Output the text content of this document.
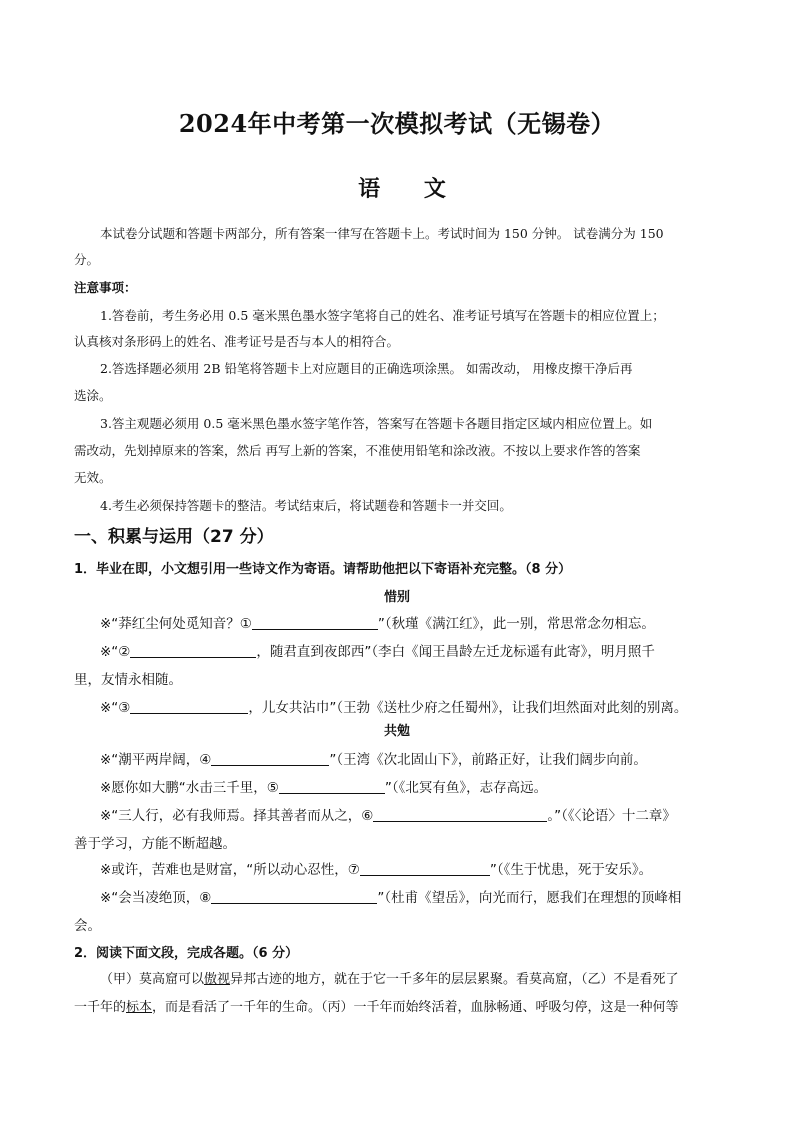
2024年中考第一次模拟考试（无锡卷）
语 文
本试卷分试题和答题卡两部分，所有答案一律写在答题卡上。考试时间为 150 分钟。 试卷满分为 150
分。
注意事项：
1.答卷前，考生务必用 0.5 毫米黑色墨水签字笔将自己的姓名、准考证号填写在答题卡的相应位置上；
认真核对条形码上的姓名、准考证号是否与本人的相符合。
2.答选择题必须用 2B 铅笔将答题卡上对应题目的正确选项涂黑。 如需改动， 用橡皮擦干净后再
选涂。
3.答主观题必须用 0.5 毫米黑色墨水签字笔作答，答案写在答题卡各题目指定区域内相应位置上。如
需改动，先划掉原来的答案，然后 再写上新的答案，不准使用铅笔和涂改液。不按以上要求作答的答案
无效。
4.考生必须保持答题卡的整洁。考试结束后，将试题卷和答题卡一并交回。
一、积累与运用（27 分）
1．毕业在即，小文想引用一些诗文作为寄语。请帮助他把以下寄语补充完整。（8 分）
惜别
※“莽红尘何处觅知音？①	”（秋瑾《满江红》，此一别，常思常念勿相忘。
※“②	，随君直到夜郎西”（李白《闻王昌龄左迁龙标遥有此寄》，明月照千
里，友情永相随。
※“③	，儿女共沾巾”（王勃《送杜少府之任蜀州》，让我们坦然面对此刻的别离。
共勉
※“潮平两岸阔，④	”（王湾《次北固山下》，前路正好，让我们阔步向前。
※愿你如大鹏“水击三千里，⑤	”（《北冥有鱼》，志存高远。
※“三人行，必有我师焉。择其善者而从之，⑥	。”（《〈论语〉十二章》
善于学习，方能不断超越。
※或许，苦难也是财富，“所以动心忍性，⑦	”（《生于忧患，死于安乐》。
※“会当凌绝顶，⑧	”（杜甫《望岳》，向光而行，愿我们在理想的顶峰相
会。
2．阅读下面文段，完成各题。（6 分）
（甲）莫高窟可以傲视异邦古迹的地方，就在于它一千多年的层层累聚。看莫高窟，（乙）不是看死了
一千年的标本，而是看活了一千年的生命。（丙）一千年而始终活着，血脉畅通、呼吸匀停，这是一种何等
